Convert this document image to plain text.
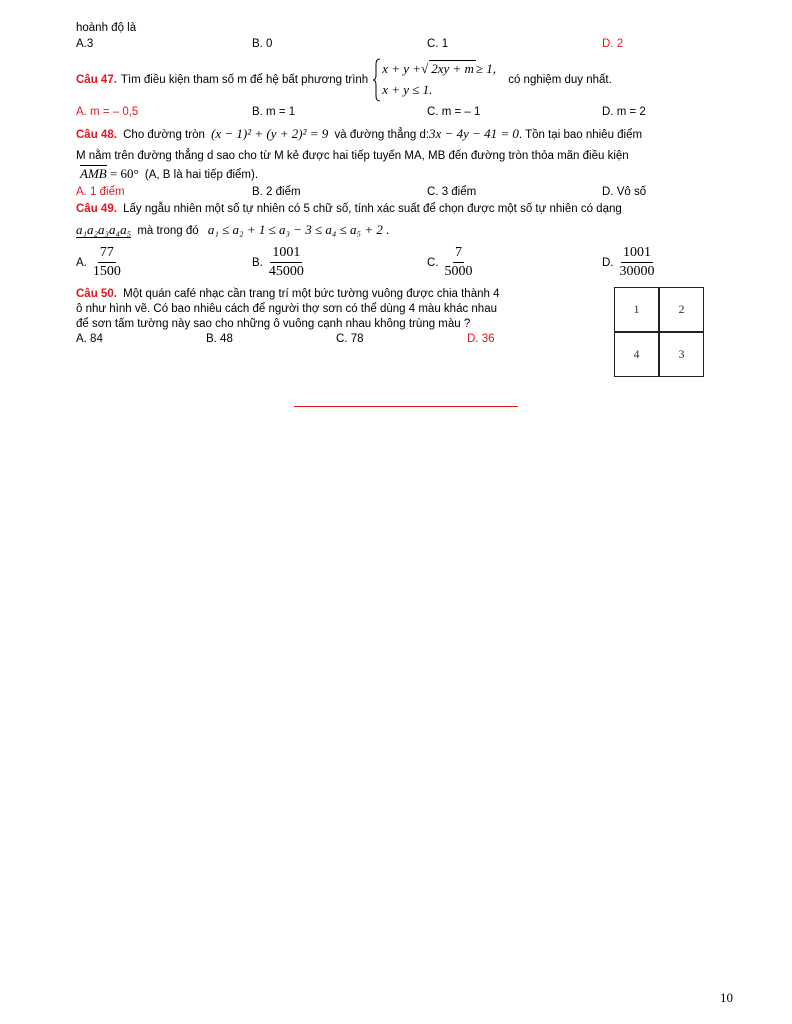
hoành độ là
A.3	B. 0	C. 1	D. 2
Câu 47. Tìm điều kiện tham số m để hệ bất phương trình
x + y +√ 2xy + m ≥ 1,
x + y ≤ 1.
có nghiệm duy nhất.
A. m = – 0,5	B. m = 1	C. m = – 1	D. m = 2
Câu 48. Cho đường tròn (x − 1)² + (y + 2)² = 9 và đường thẳng d:3x − 4y − 41 = 0. Tồn tại bao nhiêu điểm
M nằm trên đường thẳng d sao cho từ M kẻ được hai tiếp tuyến MA, MB đến đường tròn thỏa mãn điều kiện
AMB = 60° (A, B là hai tiếp điểm).
A. 1 điểm	B. 2 điểm	C. 3 điểm	D. Vô số
Câu 49. Lấy ngẫu nhiên một số tự nhiên có 5 chữ số, tính xác suất để chọn được một số tự nhiên có dạng
a₁a₂a₃a₄a₅ mà trong đó a₁ ≤ a₂ + 1 ≤ a₃ − 3 ≤ a₄ ≤ a₅ + 2 .
A. $\frac{77}{1500}$	B. $\frac{1001}{45000}$	C. $\frac{7}{5000}$	D. $\frac{1001}{30000}$
Câu 50. Một quán café nhạc cần trang trí một bức tường vuông được chia thành 4
ô như hình vẽ. Có bao nhiêu cách để người thợ sơn có thể dùng 4 màu khác nhau
để sơn tấm tường này sao cho những ô vuông cạnh nhau không trùng màu ?
A. 84	B. 48	C. 78	D. 36
1	2
4	3
10
